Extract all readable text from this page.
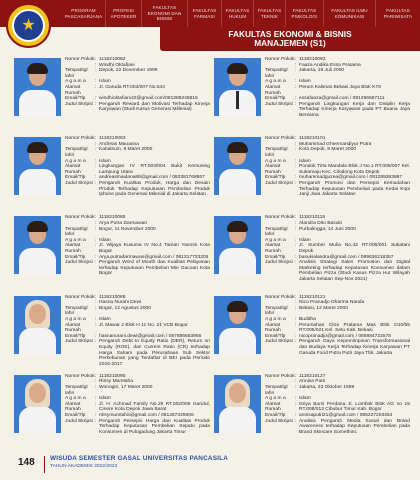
PROGRAM PASCASARJANA
PROFESI APOTEKER
FAKULTAS EKONOMI DAN BISNIS
FAKULTAS FARMASI
FAKULTAS HUKUM
FAKULTAS TEKNIK
FAKULTAS PSIKOLOGI
FAKULTAS ILMU KOMUNIKASI
FAKULTAS PARIWISATA
★
FAKULTAS EKONOMI & BISNIS
MANAJEMEN (S1)
Nomor Pokok : 1118210082
: Windhi Oktafiani
Tempat/tgl lahir
: Depok, 22 Desember 1999
A g a m a	: Islam
Alamat Rumah
: Jl. Garuda RT.003/007 No.544
Email/Tlp	: windhioktafiani22@gmail.com/081388248815
Judul Skripsi : Pengaruh Reward dan Motivasi Terhadap Kinerja Karyawan (Studi Kasus Generasi Millenial)
Nomor Pokok : 1118210083
: Andreas Mauanna
Tempat/tgl lahir
: Kabalsum, 8 Maret 2000
A g a m a	: Islam
Alamat Rumah
: Lingkungan IV RT.003/004 Bukit Kemuning Lampung Utara
Email/Tlp	: andreasmaulana88@gmail.com / 082381768867
Judul Skripsi : Pengaruh Kualitas Produk, Harga dan Desain Produk Terhadap Keputusan Pembelian Produk Iphone pada Generasi Milenial di Jakarta Selatan
Nomor Pokok : 1118210085
: Arya Putra Darmawan
Tempat/tgl lahir
: Bogor, 11 November 2000
A g a m a	: Islam
Alamat Rumah
: Jl. Wijaya Kusuma IV No.4 Taman Yasmin Kota Bogor
Email/Tlp	: Arya.putradarmawan@gmail.com / 081317733205
Judul Skripsi : Pengaruh Word of Mouth dan Kualitas Pelayanan terhadap Keputusan Pembelian Mie Gacoan Kota Bogor
Nomor Pokok : 1118210088
: Hasna Nurani Dewi
Tempat/tgl lahir
: Bogor, 12 Agustus 2000
A g a m a	: Islam
Alamat Rumah
: Jl. Mawar 2 Blok H 11 No. 21 VCB Bogor
Email/Tlp	: hasnanurani.dewi@gmail.com / 087886653966
Judul Skripsi : Pengaruh Debt to Equity Ratio (DER), Return on Equity (ROE), dan Current Ratio (CR) terhadap Harga Saham pada Perusahaan Sub Sektor Perkebunan yang Terdaftar di BEI pada Periode 2016-2017
Nomor Pokok : 1118210090
: Ririsy Mumtaha
Tempat/tgl lahir
: Wonogiri, 17 Maret 2000
A g a m a	: Islam
Alamat Rumah
: Jl. H. Achmad Family No.29 RT.002/006 Gandul, Cinere Kota Depok Jawa Barat
Email/Tlp	: ririsymumtaha@gmail.com / 081287329606
Judul Skripsi : Pengaruh Persepsi Harga dan Kualitas Produk Terhadap Keputusan Pembelian Sepatu pada Konsumen di Pulogadung Jakarta Timur
Nomor Pokok : 1118210093
: Faaza Andika Essa Pratama
Tempat/tgl lahir
: Jakarta, 18 Juli 2000
A g a m a	: Islam
Alamat Rumah
: Perum Kalimas Bekasi Jaya Blok K79
Email/Tlp	: essafaaza@gmail.com / 081296667111
Judul Skripsi : Pengaruh Lingkungan Kerja dan Disiplin Kerja Terhadap Kinerja Karyawan pada PT Buana Jaya Bersama
Nomor Pokok : 1118210101
: Muhammad Gheemandiyur Putra
Tempat/tgl lahir
: Kota Depok, 9 Maret 2000
A g a m a	: Islam
Alamat Rumah
: Pondok Tirta Mandala Blok J No.1 RT.005/007 Kel. Sukamaju Kec. Cilodong Kota Depok
Email/Tlp	: muhammadguzea@gmail.com / 081289363867
Judul Skripsi : Pengaruh Promosi dan Persepsi Kemudahan Terhadap Keputusan Pembelian pada Kedai Kopi Janji Jiwa Jakarta Selatan
Nomor Pokok : 1118210115
: Alandra Dito Basuki
Tempat/tgl lahir
: Purbalingga, 14 Juni 2000
A g a m a	: Islam
Alamat Rumah
: Jl. Sumber Mulia No.42 RT.006/001 Sukatani Depok
Email/Tlp	: basukialandra@gmail.com / 089636218357
Judul Skripsi : Analisis Strategi Sales Promotion dan Digital Marketing terhadap Keputusan Konsumen dalam Pembelian Pizza (Studi Kasus Pizza Hut Wilayah Jakarta Selatan Sep-Nov 2021)
Nomor Pokok : 1118210121
: Nico Pranadjo Dharma Nanda
Tempat/tgl lahir
: Bekasi, 12 Maret 2000
A g a m a	: Buddha
Alamat Rumah
: Perumahan Citra Pratama Mas Blok D10/55 RT.005/021 Kel. Setu Kab. Bekasi
Email/Tlp	: nicopranadjo@gmail.com / 085884722578
Judul Skripsi : Pengaruh Gaya Kepemimpinan Transformasional dan Budaya Kerja Terhadap Kinerja Karyawan PT Garuda Food Putra Putri Jaya Tbk. Jakarta
Nomor Pokok : 1118210127
: Annisa Putri
Tempat/tgl lahir
: Jakarta, 23 Oktober 1999
A g a m a	: Islam
Alamat Rumah
: Griya Bumi Perdana Jl. Lombok Blok AG no 15 RT.008/013 Cibubur Timur Kab. Bogor
Email/Tlp	: annisaputri21@gmail.com / 085227203454
Judul Skripsi : Analisis Pengaruh Media Sosial dan Brand Awareness terhadap Keputusan Pembelian pada Brand Skincare Somethinc
148 WISUDA SEMESTER GASAL UNIVERSITAS PANCASILA
TAHUN AKADEMIK 2022/2023
